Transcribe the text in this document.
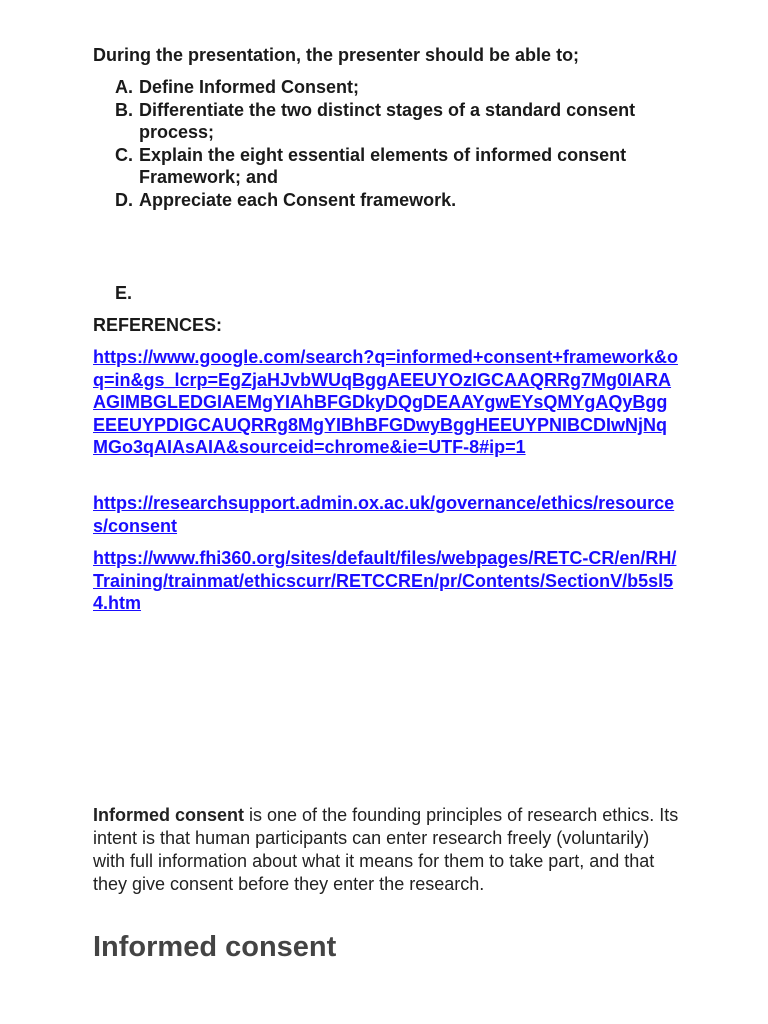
During the presentation, the presenter should be able to;
A. Define Informed Consent;
B. Differentiate the two distinct stages of a standard consent process;
C. Explain the eight essential elements of informed consent Framework; and
D. Appreciate each Consent framework.
E.
REFERENCES:
https://www.google.com/search?q=informed+consent+framework&oq=in&gs_lcrp=EgZjaHJvbWUqBggAEEUYOzIGCAAQRRg7Mg0IARAAGIMBGLEDGIAEMgYIAhBFGDkyDQgDEAAYgwEYsQMYgAQyBggEEEUYPDIGCAUQRRg8MgYIBhBFGDwyBggHEEUYPNIBCDIwNjNqMGo3qAIAsAIA&sourceid=chrome&ie=UTF-8#ip=1
https://researchsupport.admin.ox.ac.uk/governance/ethics/resources/consent
https://www.fhi360.org/sites/default/files/webpages/RETC-CR/en/RH/Training/trainmat/ethicscurr/RETCCREn/pr/Contents/SectionV/b5sl54.htm

Informed consent is one of the founding principles of research ethics. Its intent is that human participants can enter research freely (voluntarily) with full information about what it means for them to take part, and that they give consent before they enter the research.

Informed consent
